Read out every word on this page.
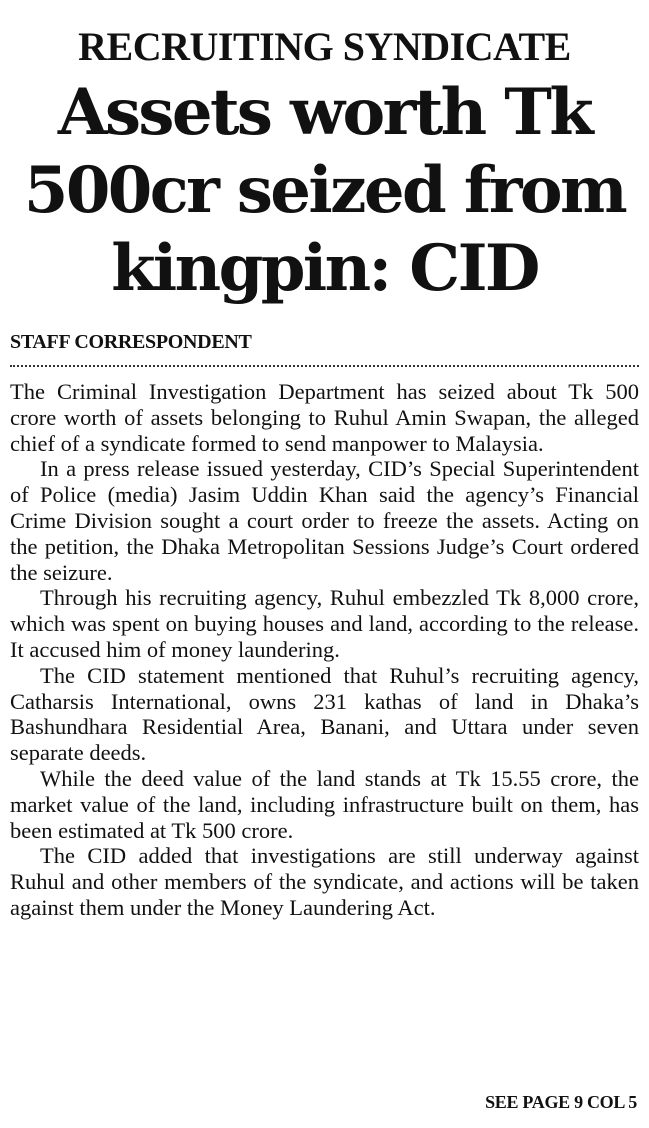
RECRUITING SYNDICATE
Assets worth Tk 500cr seized from kingpin: CID
STAFF CORRESPONDENT

The Criminal Investigation Department has seized about Tk 500 crore worth of assets belonging to Ruhul Amin Swapan, the alleged chief of a syndicate formed to send manpower to Malaysia.

In a press release issued yesterday, CID’s Special Superintendent of Police (media) Jasim Uddin Khan said the agency’s Financial Crime Division sought a court order to freeze the assets. Acting on the petition, the Dhaka Metropolitan Sessions Judge’s Court ordered the seizure.

Through his recruiting agency, Ruhul embezzled Tk 8,000 crore, which was spent on buying houses and land, according to the release. It accused him of money laundering.

The CID statement mentioned that Ruhul’s recruiting agency, Catharsis International, owns 231 kathas of land in Dhaka’s Bashundhara Residential Area, Banani, and Uttara under seven separate deeds.

While the deed value of the land stands at Tk 15.55 crore, the market value of the land, including infrastructure built on them, has been estimated at Tk 500 crore.

The CID added that investigations are still underway against Ruhul and other members of the syndicate, and actions will be taken against them under the Money Laundering Act.

SEE PAGE 9 COL 5
